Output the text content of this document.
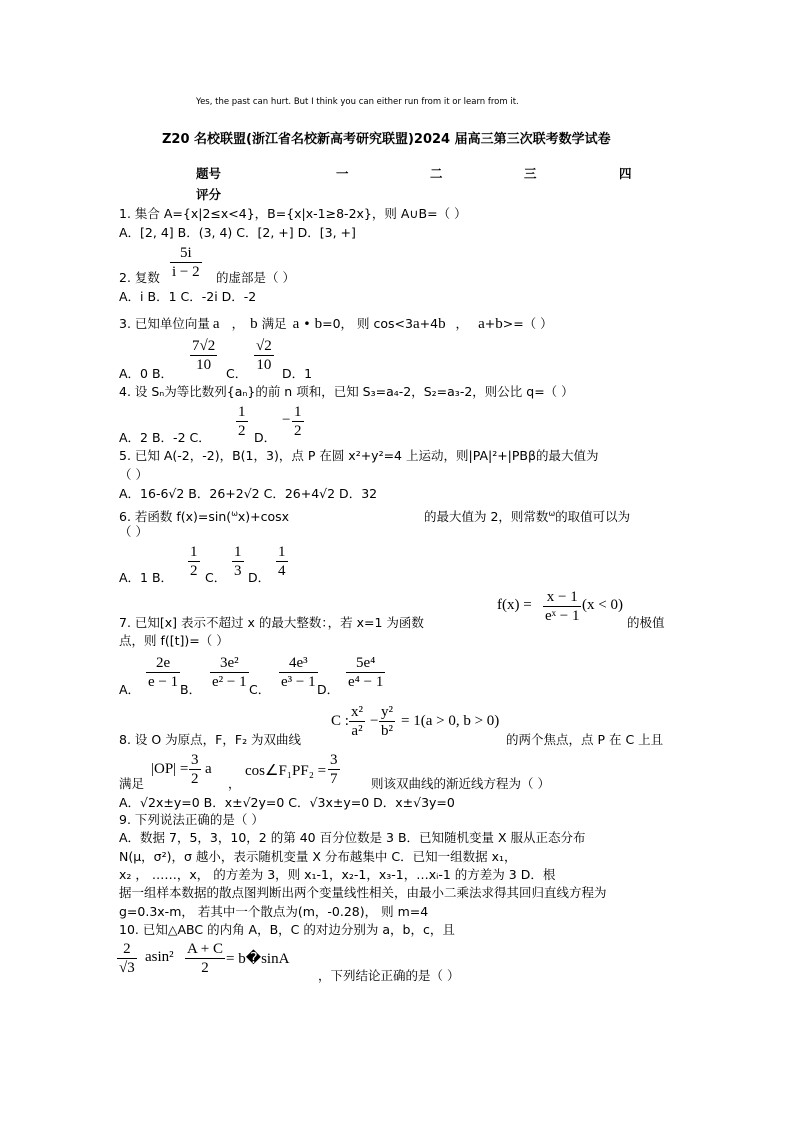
Yes, the past can hurt. But I think you can either run from it or learn from it.
Z20 名校联盟(浙江省名校新高考研究联盟)2024 届高三第三次联考数学试卷
题号	一	二	三	四
评分
1. 集合 A={x|2≤x<4}，B={x|x-1≥8-2x}，则 A∪B=（ ）
A．[2, 4] B．(3, 4) C．[2, +] D．[3, +]
$\frac{5i}{i - 2}$
2. 复数	的虚部是（ ）
A．i B．1 C．-2i D．-2
3. 已知单位向量 a ， b 满足 a • b=0， 则 cos<3a+4b ， a+b>=（ ）
$\frac{7√2}{10} \frac{√2}{10}$
A．0 B．	C．	D．1
4. 设 Sₙ为等比数列{aₙ}的前 n 项和，已知 S₃=a₄-2，S₂=a₃-2，则公比 q=（ ）
$\frac{1}{2}$
A．2 B．-2 C．	D．
− $\frac{1}{2}$
5. 已知 A(-2，-2)，B(1，3)，点 P 在圆 x²+y²=4 上运动，则|PA|²+|PBβ的最大值为
（ ）
A．16-6√2 B．26+2√2 C．26+4√2 D．32
6. 若函数 f(x)=sin($^\omega$x)+cosx	的最大值为 2，则常数$^\omega$的取值可以为
（ ）
$\frac{1}{2} \frac{1}{3} \frac{1}{4}$
A．1 B．	C． D．
$f(x) = \frac{x - 1}{\text{eˣ − 1}} (x < 0)$
7. 已知[x] 表示不超过 x 的最大整数：，若 x=1 为函数	的极值
点，则 f([t])=（ ）
A． $\frac{2e}{e - 1}$ B． $\frac{\text{3e²}}{\text{e² − 1}}$ C． $\frac{\text{4e³}}{\text{e³ − 1}}$ D． $\frac{\text{5e⁴}}{\text{e⁴ − 1}}$
C : $\frac{\text{x²}}{\text{a²}} - \frac{\text{y²}}{\text{b²}} = 1(a > 0$, b > 0)
8. 设 O 为原点，F，F₂ 为双曲线	的两个焦点，点 P 在 C 上且
$|OP| = \frac{3}{2}$ a cos∠F₁PF₂ = $\frac{3}{7}$
满足	，	则该双曲线的渐近线方程为（ ）
A．√2x±y=0 B．x±√2y=0 C．√3x±y=0 D．x±√3y=0
9. 下列说法正确的是（ ）
A．数据 7，5，3，10，2 的第 40 百分位数是 3 B．已知随机变量 X 服从正态分布
N(μ，σ²)，σ 越小，表示随机变量 X 分布越集中 C．已知一组数据 x₁，
x₂ ， ……，x， 的方差为 3，则 x₁-1，x₂-1，x₃-1，…xᵢ-1 的方差为 3 D．根
据一组样本数据的散点图判断出两个变量线性相关，由最小二乘法求得其回归直线方程为
g=0.3x-m， 若其中一个散点为(m，-0.28)， 则 m=4
10. 已知△ABC 的内角 A，B，C 的对边分别为 a，b，c，且
$\frac{2}{√3} asin^2 \frac{A + C}{2}$ = b�sinA
，下列结论正确的是（ ）
